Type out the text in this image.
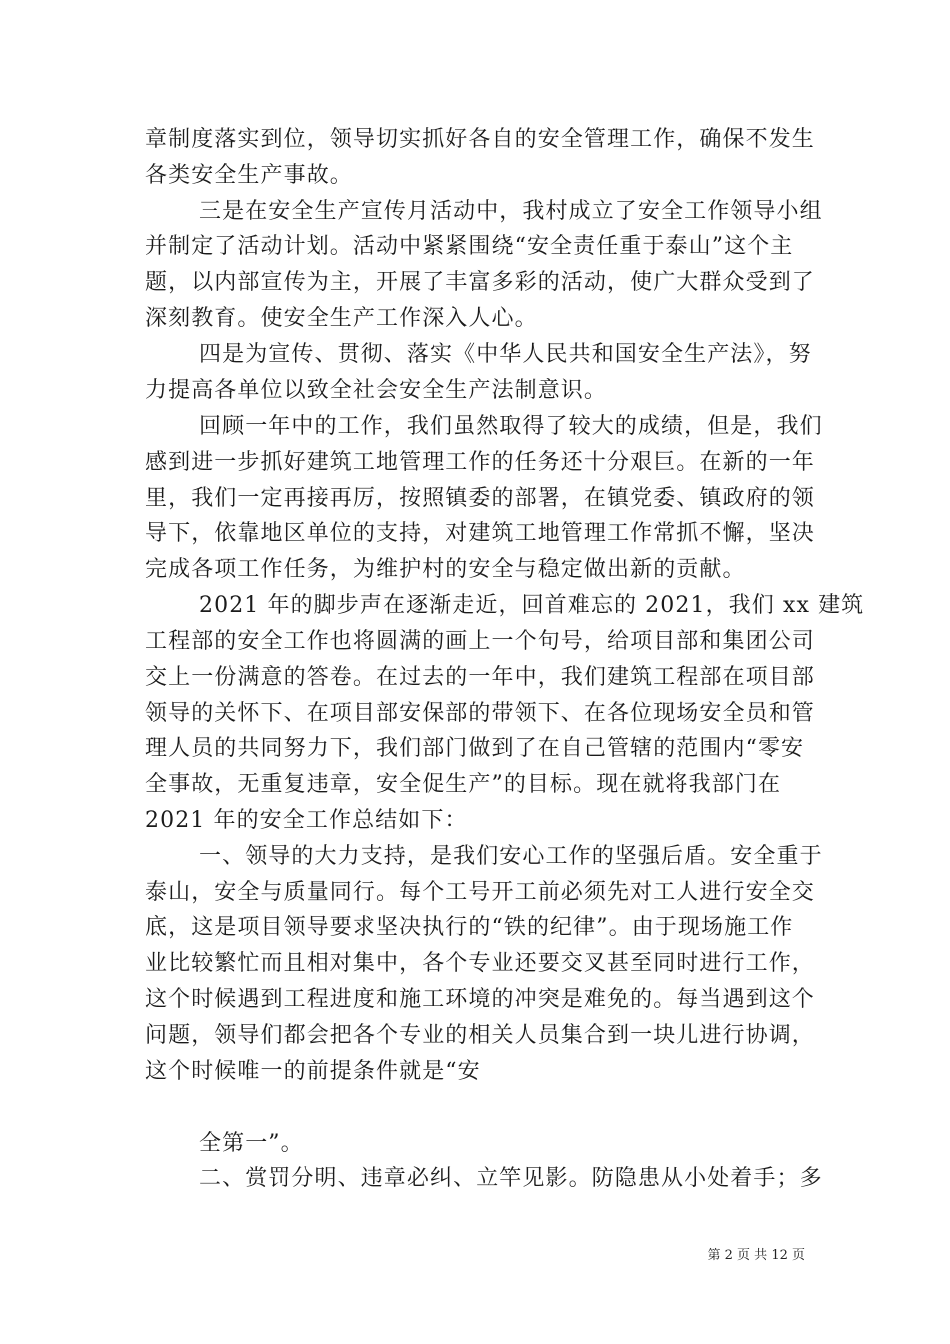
章制度落实到位，领导切实抓好各自的安全管理工作，确保不发生
各类安全生产事故。
三是在安全生产宣传月活动中，我村成立了安全工作领导小组
并制定了活动计划。活动中紧紧围绕“安全责任重于泰山”这个主
题，以内部宣传为主，开展了丰富多彩的活动，使广大群众受到了
深刻教育。使安全生产工作深入人心。
四是为宣传、贯彻、落实《中华人民共和国安全生产法》，努
力提高各单位以致全社会安全生产法制意识。
回顾一年中的工作，我们虽然取得了较大的成绩，但是，我们
感到进一步抓好建筑工地管理工作的任务还十分艰巨。在新的一年
里，我们一定再接再厉，按照镇委的部署，在镇党委、镇政府的领
导下，依靠地区单位的支持，对建筑工地管理工作常抓不懈，坚决
完成各项工作任务，为维护村的安全与稳定做出新的贡献。
2021 年的脚步声在逐渐走近，回首难忘的 2021，我们 xx 建筑
工程部的安全工作也将圆满的画上一个句号，给项目部和集团公司
交上一份满意的答卷。在过去的一年中，我们建筑工程部在项目部
领导的关怀下、在项目部安保部的带领下、在各位现场安全员和管
理人员的共同努力下，我们部门做到了在自己管辖的范围内“零安
全事故，无重复违章，安全促生产”的目标。现在就将我部门在
2021 年的安全工作总结如下：
一、领导的大力支持，是我们安心工作的坚强后盾。安全重于
泰山，安全与质量同行。每个工号开工前必须先对工人进行安全交
底，这是项目领导要求坚决执行的“铁的纪律”。由于现场施工作
业比较繁忙而且相对集中，各个专业还要交叉甚至同时进行工作，
这个时候遇到工程进度和施工环境的冲突是难免的。每当遇到这个
问题，领导们都会把各个专业的相关人员集合到一块儿进行协调，
这个时候唯一的前提条件就是“安
全第一”。
二、赏罚分明、违章必纠、立竿见影。防隐患从小处着手；多
第 2 页 共 12 页
